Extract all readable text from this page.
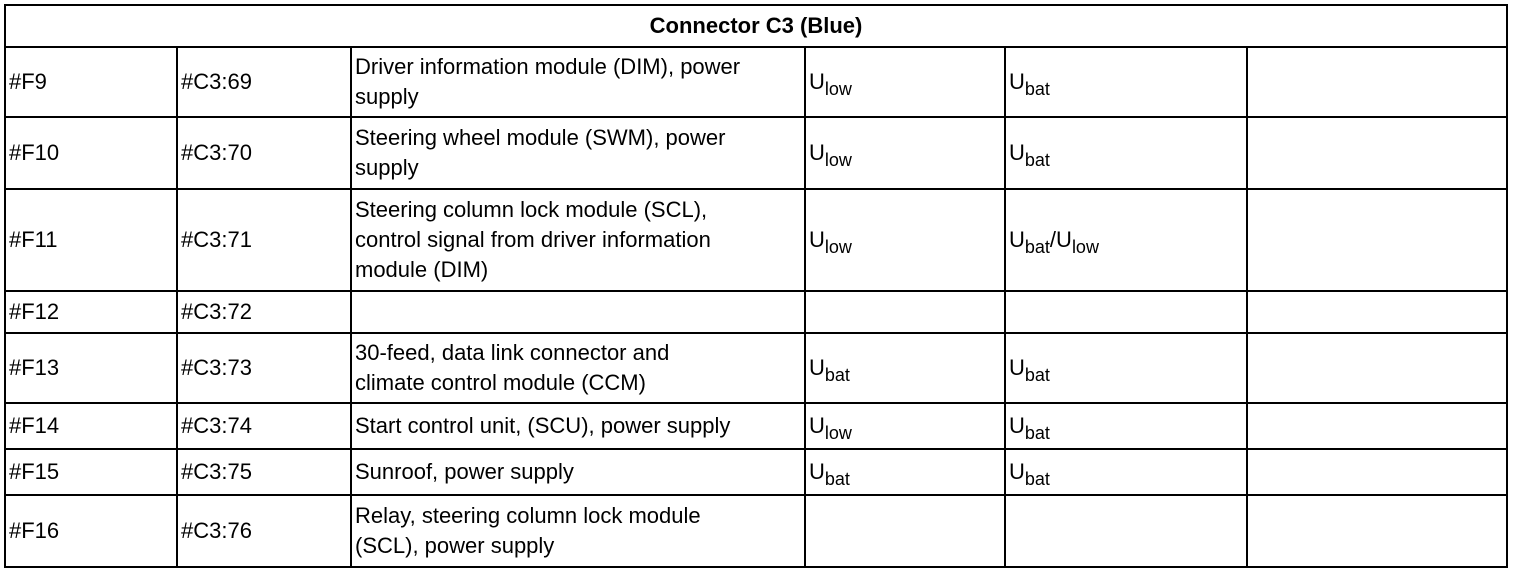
Connector C3 (Blue)					
#F9	#C3:69	Driver information module (DIM), power
supply	$U_{low}$	$U_{bat}$	
#F10	#C3:70	Steering wheel module (SWM), power
supply	$U_{low}$	$U_{bat}$	
#F11	#C3:71	Steering column lock module (SCL),
control signal from driver information
module (DIM)	$U_{low}$	$U_{bat}/U_{low}$	
#F12	#C3:72				
#F13	#C3:73	30-feed, data link connector and
climate control module (CCM)	$U_{bat}$	$U_{bat}$	
#F14	#C3:74	Start control unit, (SCU), power supply	$U_{low}$	$U_{bat}$	
#F15	#C3:75	Sunroof, power supply	$U_{bat}$	$U_{bat}$	
#F16	#C3:76	Relay, steering column lock module
(SCL), power supply			
